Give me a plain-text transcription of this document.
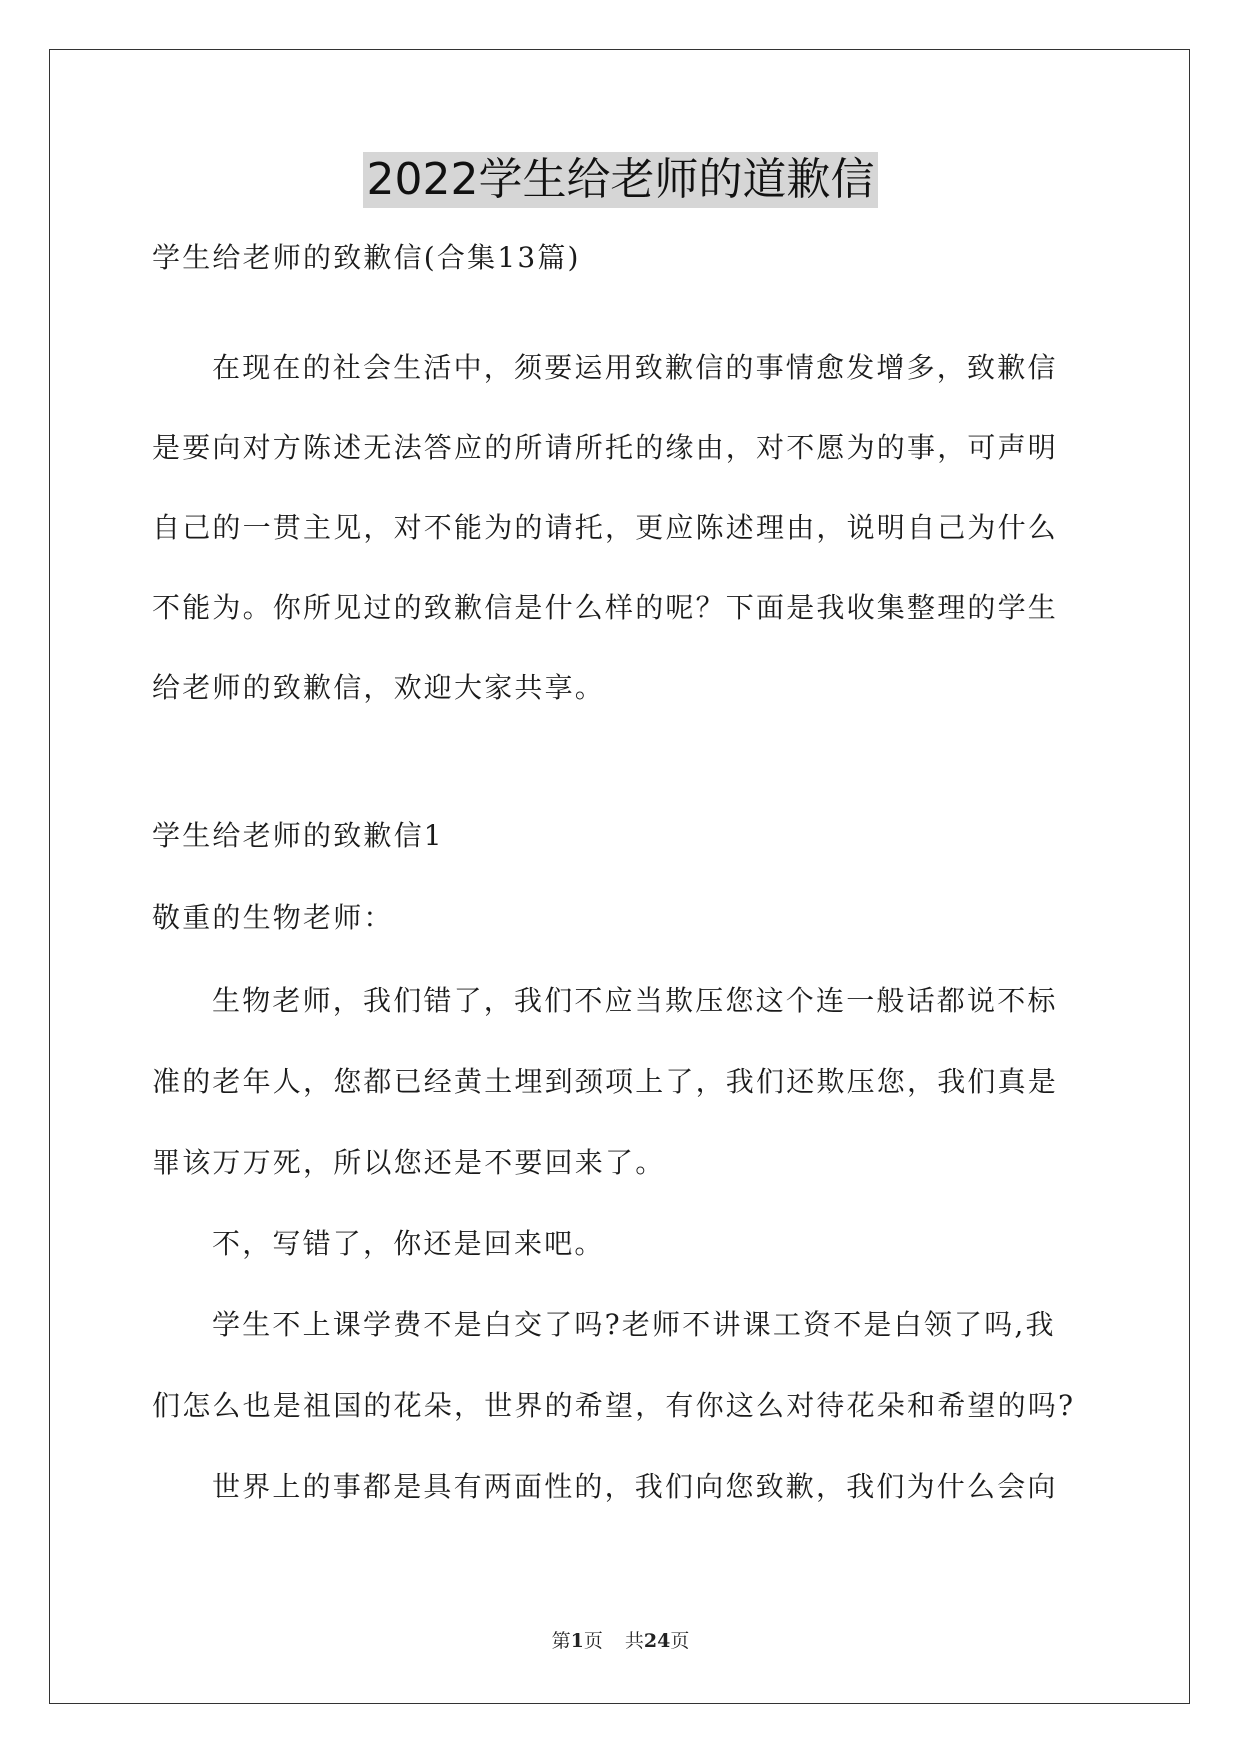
2022学生给老师的道歉信
学生给老师的致歉信(合集13篇)
在现在的社会生活中，须要运用致歉信的事情愈发增多，致歉信
是要向对方陈述无法答应的所请所托的缘由，对不愿为的事，可声明
自己的一贯主见，对不能为的请托，更应陈述理由，说明自己为什么
不能为。你所见过的致歉信是什么样的呢？下面是我收集整理的学生
给老师的致歉信，欢迎大家共享。
学生给老师的致歉信1
敬重的生物老师：
生物老师，我们错了，我们不应当欺压您这个连一般话都说不标
准的老年人，您都已经黄土埋到颈项上了，我们还欺压您，我们真是
罪该万万死，所以您还是不要回来了。
不，写错了，你还是回来吧。
学生不上课学费不是白交了吗?老师不讲课工资不是白领了吗,我
们怎么也是祖国的花朵，世界的希望，有你这么对待花朵和希望的吗?
世界上的事都是具有两面性的，我们向您致歉，我们为什么会向
第1页 共24页
